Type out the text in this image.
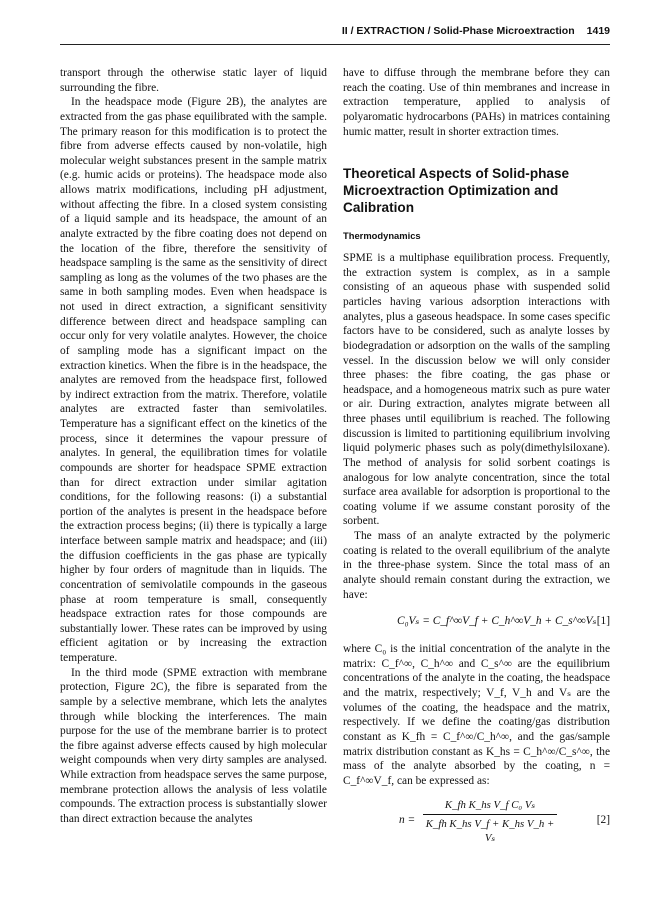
II / EXTRACTION / Solid-Phase Microextraction 1419

transport through the otherwise static layer of liquid surrounding the fibre.

In the headspace mode (Figure 2B), the analytes are extracted from the gas phase equilibrated with the sample. The primary reason for this modification is to protect the fibre from adverse effects caused by non-volatile, high molecular weight substances present in the sample matrix (e.g. humic acids or proteins). The headspace mode also allows matrix modifications, including pH adjustment, without affecting the fibre. In a closed system consisting of a liquid sample and its headspace, the amount of an analyte extracted by the fibre coating does not depend on the location of the fibre, therefore the sensitivity of headspace sampling is the same as the sensitivity of direct sampling as long as the volumes of the two phases are the same in both sampling modes. Even when headspace is not used in direct extraction, a significant sensitivity difference between direct and headspace sampling can occur only for very volatile analytes. However, the choice of sampling mode has a significant impact on the extraction kinetics. When the fibre is in the headspace, the analytes are removed from the headspace first, followed by indirect extraction from the matrix. Therefore, volatile analytes are extracted faster than semivolatiles. Temperature has a significant effect on the kinetics of the process, since it determines the vapour pressure of analytes. In general, the equilibration times for volatile compounds are shorter for headspace SPME extraction than for direct extraction under similar agitation conditions, for the following reasons: (i) a substantial portion of the analytes is present in the headspace before the extraction process begins; (ii) there is typically a large interface between sample matrix and headspace; and (iii) the diffusion coefficients in the gas phase are typically higher by four orders of magnitude than in liquids. The concentration of semivolatile compounds in the gaseous phase at room temperature is small, consequently headspace extraction rates for those compounds are substantially lower. These rates can be improved by using efficient agitation or by increasing the extraction temperature.

In the third mode (SPME extraction with membrane protection, Figure 2C), the fibre is separated from the sample by a selective membrane, which lets the analytes through while blocking the interferences. The main purpose for the use of the membrane barrier is to protect the fibre against adverse effects caused by high molecular weight compounds when very dirty samples are analysed. While extraction from headspace serves the same purpose, membrane protection allows the analysis of less volatile compounds. The extraction process is substantially slower than direct extraction because the analytes

have to diffuse through the membrane before they can reach the coating. Use of thin membranes and increase in extraction temperature, applied to analysis of polyaromatic hydrocarbons (PAHs) in matrices containing humic matter, result in shorter extraction times.

Theoretical Aspects of Solid-phase Microextraction Optimization and Calibration
Thermodynamics

SPME is a multiphase equilibration process. Frequently, the extraction system is complex, as in a sample consisting of an aqueous phase with suspended solid particles having various adsorption interactions with analytes, plus a gaseous headspace. In some cases specific factors have to be considered, such as analyte losses by biodegradation or adsorption on the walls of the sampling vessel. In the discussion below we will only consider three phases: the fibre coating, the gas phase or headspace, and a homogeneous matrix such as pure water or air. During extraction, analytes migrate between all three phases until equilibrium is reached. The following discussion is limited to partitioning equilibrium involving liquid polymeric phases such as poly(dimethylsiloxane). The method of analysis for solid sorbent coatings is analogous for low analyte concentration, since the total surface area available for adsorption is proportional to the coating volume if we assume constant porosity of the sorbent.

The mass of an analyte extracted by the polymeric coating is related to the overall equilibrium of the analyte in the three-phase system. Since the total mass of an analyte should remain constant during the extraction, we have:

C₀Vₛ = C_f^∞V_f + C_h^∞V_h + C_s^∞Vₛ [1]

where C₀ is the initial concentration of the analyte in the matrix: C_f^∞, C_h^∞ and C_s^∞ are the equilibrium concentrations of the analyte in the coating, the headspace and the matrix, respectively; V_f, V_h and Vₛ are the volumes of the coating, the headspace and the matrix, respectively. If we define the coating/gas distribution constant as K_fh = C_f^∞/C_h^∞, and the gas/sample matrix distribution constant as K_hs = C_h^∞/C_s^∞, the mass of the analyte absorbed by the coating, n = C_f^∞V_f, can be expressed as:

n =
K_fh K_hs V_f C₀ Vₛ
K_fh K_hs V_f + K_hs V_h + Vₛ
[2]
